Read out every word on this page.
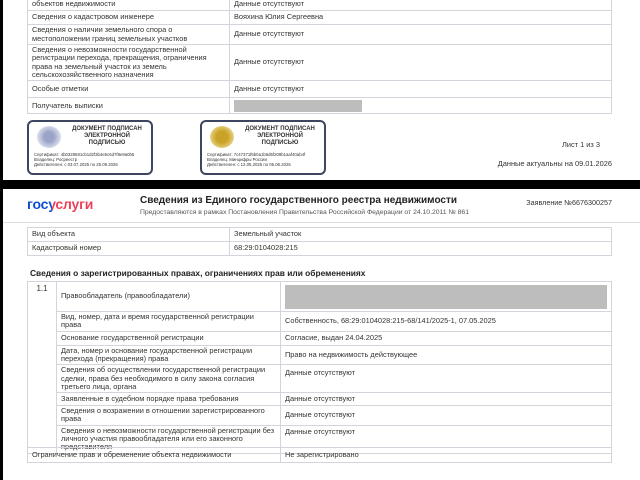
объектов недвижимости	Данные отсутствуют
Сведения о кадастровом инженере	Вояхина Юлия Сергеевна
Сведения о наличии земельного спора о местоположении границ земельных участков	Данные отсутствуют
Сведения о невозможности государственной регистрации перехода, прекращения, ограничения права на земельный участок из земель сельскохозяйственного назначения	Данные отсутствуют
Особые отметки	Данные отсутствуют
Получатель выписки	
ДОКУМЕНТ ПОДПИСАН ЭЛЕКТРОННОЙ ПОДПИСЬЮ
Сертификат: 4b0328681cb1d2f3b4e5c6d7f8e9a0b5
Владелец: Росреестр
Действителен: с 03.07.2025 по 25.09.2026
ДОКУМЕНТ ПОДПИСАН ЭЛЕКТРОННОЙ ПОДПИСЬЮ
Сертификат: 7c47371f6b0a1b6d5f209b1aaf40ab4f
Владелец: Минцифры России
Действителен: с 12.05.2025 по 05.06.2026
Лист 1 из 3
Данные актуальны на 09.01.2026
госуслуги	Сведения из Единого государственного реестра недвижимости
Предоставляются в рамках Постановления Правительства Российской Федерации от 24.10.2011 № 861
Заявление №6676300257
Вид объекта	Земельный участок
Кадастровый номер	68:29:0104028:215
Сведения о зарегистрированных правах, ограничениях прав или обременениях
1.1	Правообладатель (правообладатели)	

	Вид, номер, дата и время государственной регистрации права	Собственность, 68:29:0104028:215-68/141/2025-1, 07.05.2025
	Основание государственной регистрации	Согласие, выдан 24.04.2025
	Дата, номер и основание государственной регистрации перехода (прекращения) права	Право на недвижимость действующее
	Сведения об осуществлении государственной регистрации сделки, права без необходимого в силу закона согласия третьего лица, органа	Данные отсутствуют
	Заявленные в судебном порядке права требования	Данные отсутствуют
	Сведения о возражении в отношении зарегистрированного права	Данные отсутствуют
	Сведения о невозможности государственной регистрации без личного участия правообладателя или его законного представителя	Данные отсутствуют
Ограничение прав и обременение объекта недвижимости	Не зарегистрировано
